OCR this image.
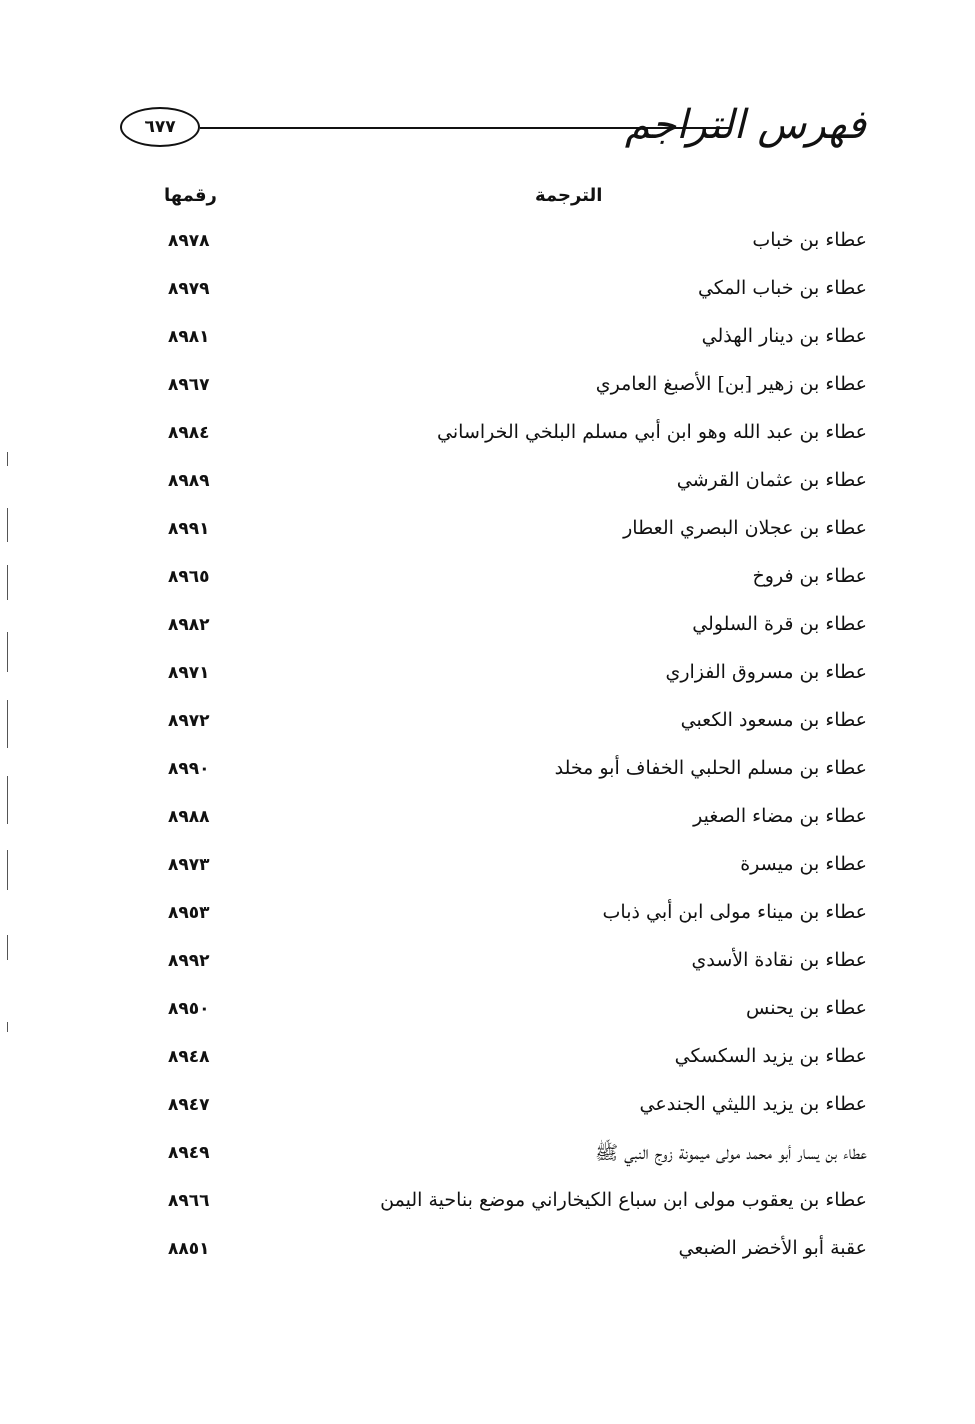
٦٧٧	فهرس التراجم
رقمها	الترجمة
عطاء بن خباب
٨٩٧٨
عطاء بن خباب المكي
٨٩٧٩
عطاء بن دينار الهذلي
٨٩٨١
عطاء بن زهير [بن] الأصبغ العامري
٨٩٦٧
عطاء بن عبد الله وهو ابن أبي مسلم البلخي الخراساني
٨٩٨٤
عطاء بن عثمان القرشي
٨٩٨٩
عطاء بن عجلان البصري العطار
٨٩٩١
عطاء بن فروخ
٨٩٦٥
عطاء بن قرة السلولي
٨٩٨٢
عطاء بن مسروق الفزاري
٨٩٧١
عطاء بن مسعود الكعبي
٨٩٧٢
عطاء بن مسلم الحلبي الخفاف أبو مخلد
٨٩٩٠
عطاء بن مضاء الصغير
٨٩٨٨
عطاء بن ميسرة
٨٩٧٣
عطاء بن ميناء مولى ابن أبي ذباب
٨٩٥٣
عطاء بن نقادة الأسدي
٨٩٩٢
عطاء بن يحنس
٨٩٥٠
عطاء بن يزيد السكسكي
٨٩٤٨
عطاء بن يزيد الليثي الجندعي
٨٩٤٧
عطاء بن يسار أبو محمد مولى ميمونة زوج النبي ﷺ
٨٩٤٩
عطاء بن يعقوب مولى ابن سباع الكيخاراني موضع بناحية اليمن
٨٩٦٦
عقبة أبو الأخضر الضبعي
٨٨٥١
